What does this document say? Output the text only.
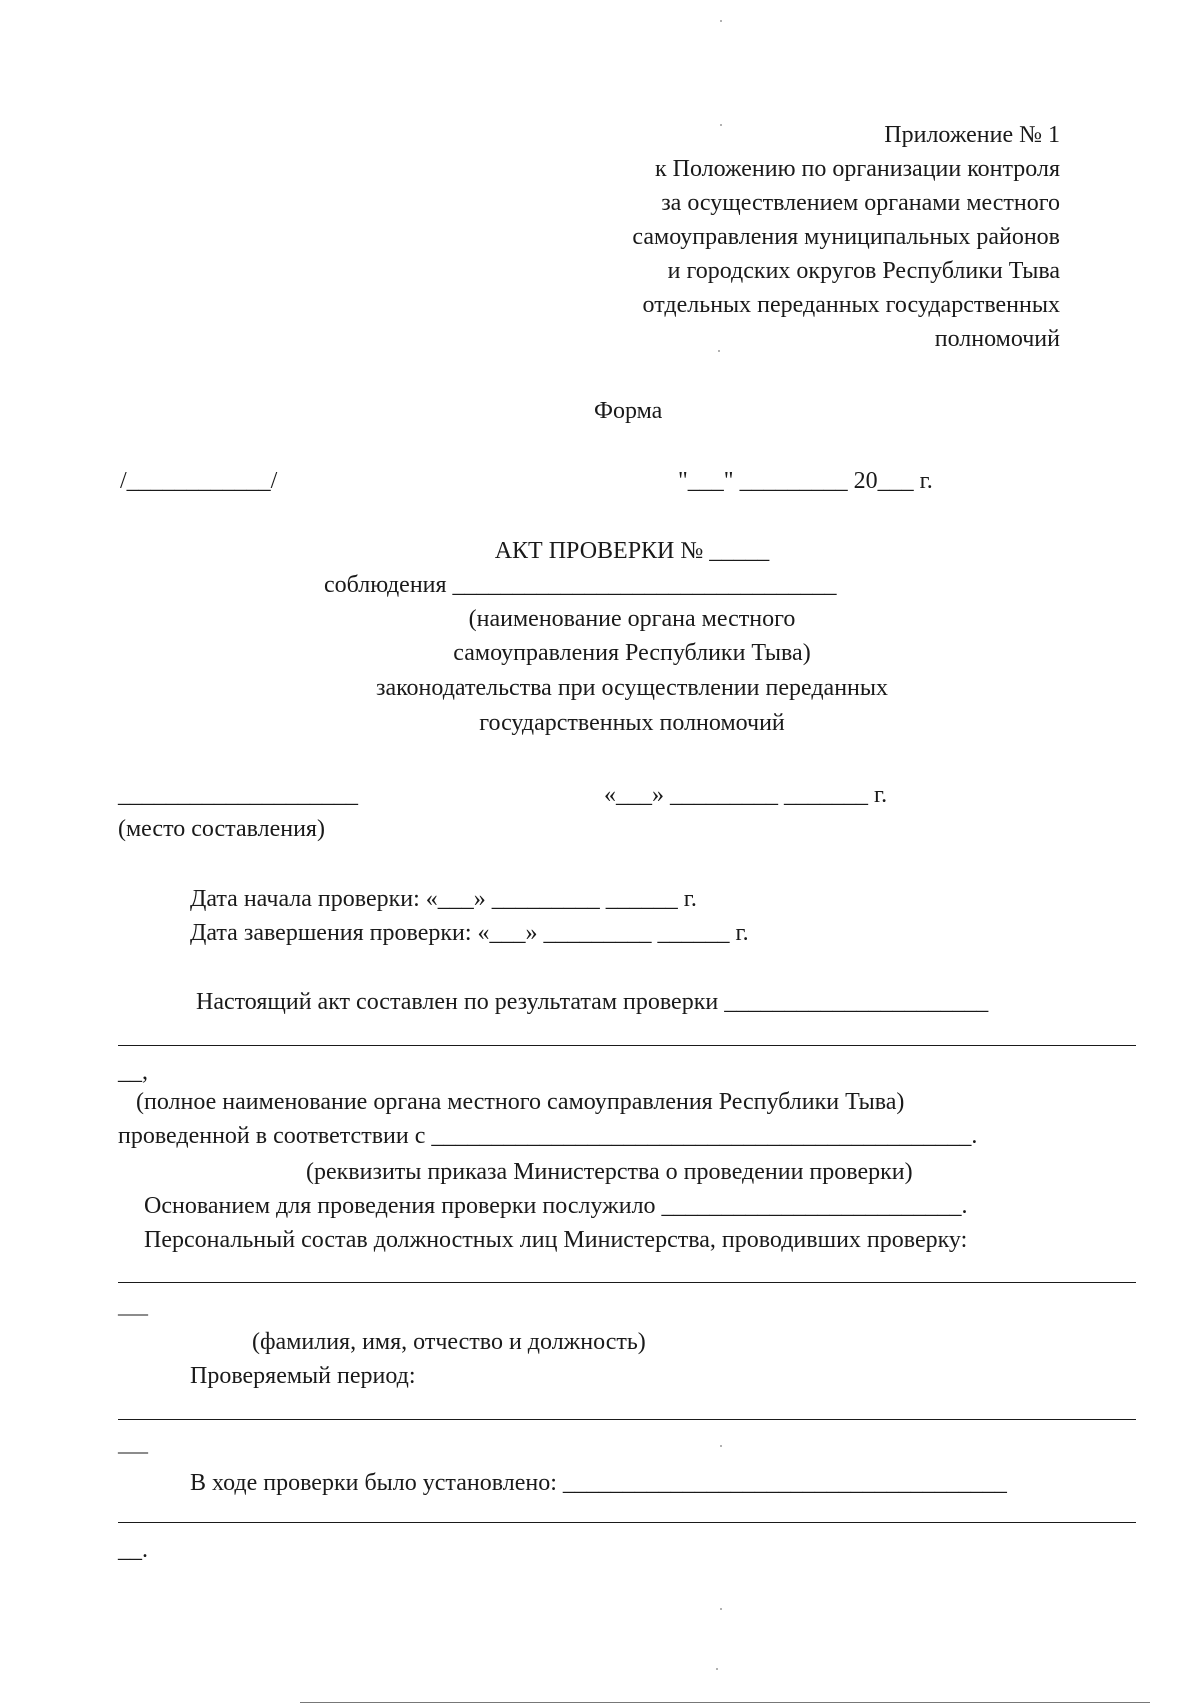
Приложение № 1

к Положению по организации контроля

за осуществлением органами местного

самоуправления муниципальных районов

и городских округов Республики Тыва

отдельных переданных государственных

полномочий

Форма

/____________/	"___" _________ 20___ г.

АКТ ПРОВЕРКИ № _____

соблюдения ________________________________

(наименование органа местного

самоуправления Республики Тыва)

законодательства при осуществлении переданных

государственных полномочий

____________________	«___» _________ _______ г.

(место составления)

Дата начала проверки: «___» _________ ______ г.

Дата завершения проверки: «___» _________ ______ г.

Настоящий акт составлен по результатам проверки ______________________

__,

(полное наименование органа местного самоуправления Республики Тыва)

проведенной в соответствии с _____________________________________________.

(реквизиты приказа Министерства о проведении проверки)

Основанием для проведения проверки послужило _________________________.

Персональный состав должностных лиц Министерства, проводивших проверку:

___

(фамилия, имя, отчество и должность)

Проверяемый период:

___

В ходе проверки было установлено: _____________________________________

__.
